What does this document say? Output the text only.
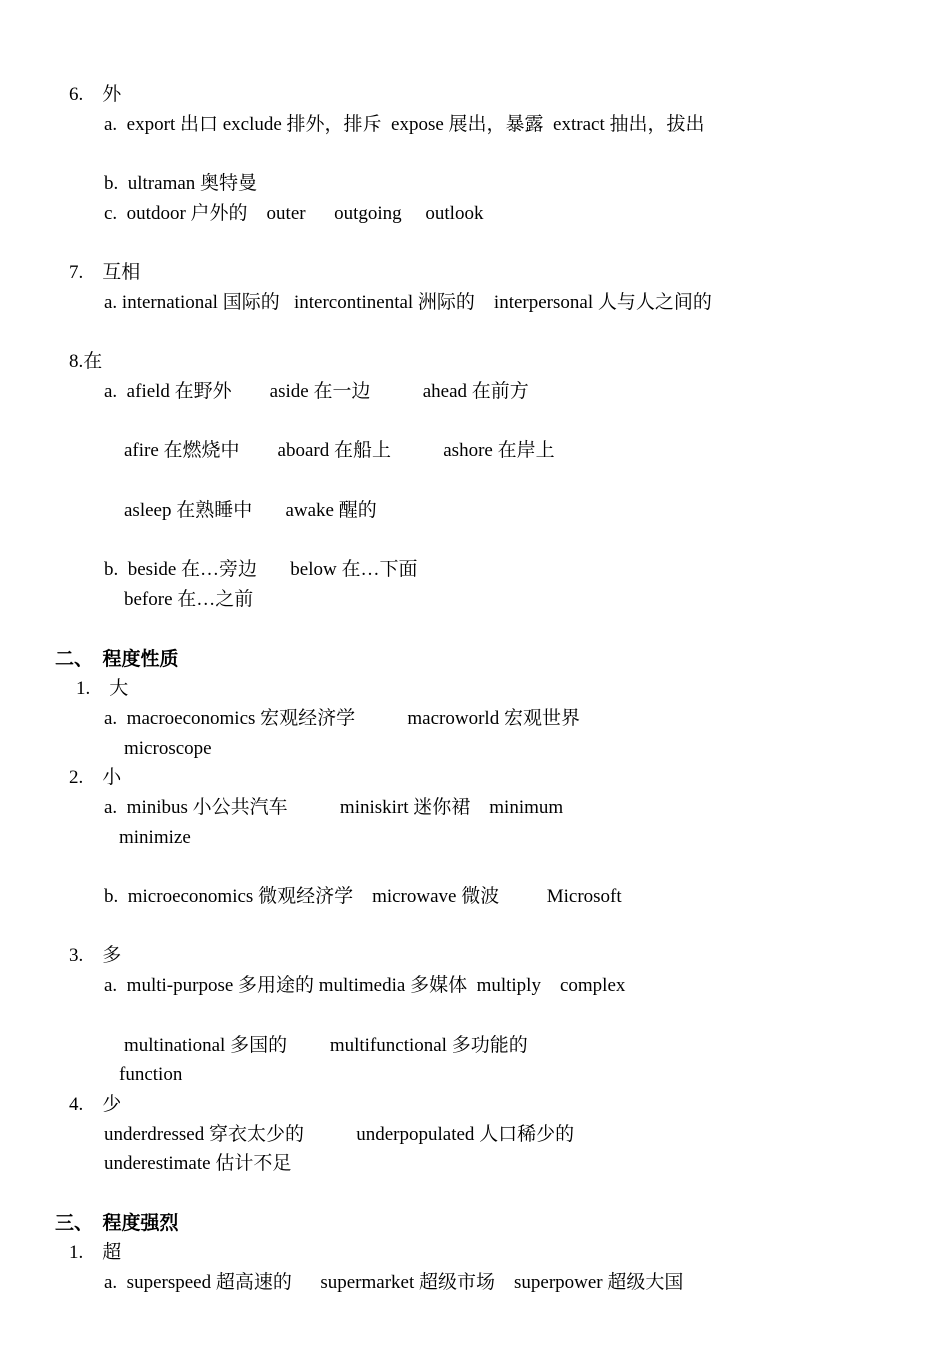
6.    外
a.  export 出口 exclude 排外，排斥  expose 展出，暴露  extract 抽出，拔出
b.  ultraman 奥特曼
c.  outdoor 户外的    outer      outgoing     outlook
7.    互相
a. international 国际的   intercontinental 洲际的    interpersonal 人与人之间的
8.在
a.  afield 在野外        aside 在一边           ahead 在前方
afire 在燃烧中        aboard 在船上           ashore 在岸上
asleep 在熟睡中       awake 醒的
b.  beside 在…旁边       below 在…下面
before 在…之前
二、  程度性质
1.    大
a.  macroeconomics 宏观经济学           macroworld 宏观世界
microscope
2.    小
a.  minibus 小公共汽车           miniskirt 迷你裙    minimum
minimize
b.  microeconomics 微观经济学    microwave 微波          Microsoft
3.    多
a.  multi-purpose 多用途的 multimedia 多媒体  multiply    complex
multinational 多国的         multifunctional 多功能的
function
4.    少
underdressed 穿衣太少的           underpopulated 人口稀少的
underestimate 估计不足
三、  程度强烈
1.    超
a.  superspeed 超高速的      supermarket 超级市场    superpower 超级大国
